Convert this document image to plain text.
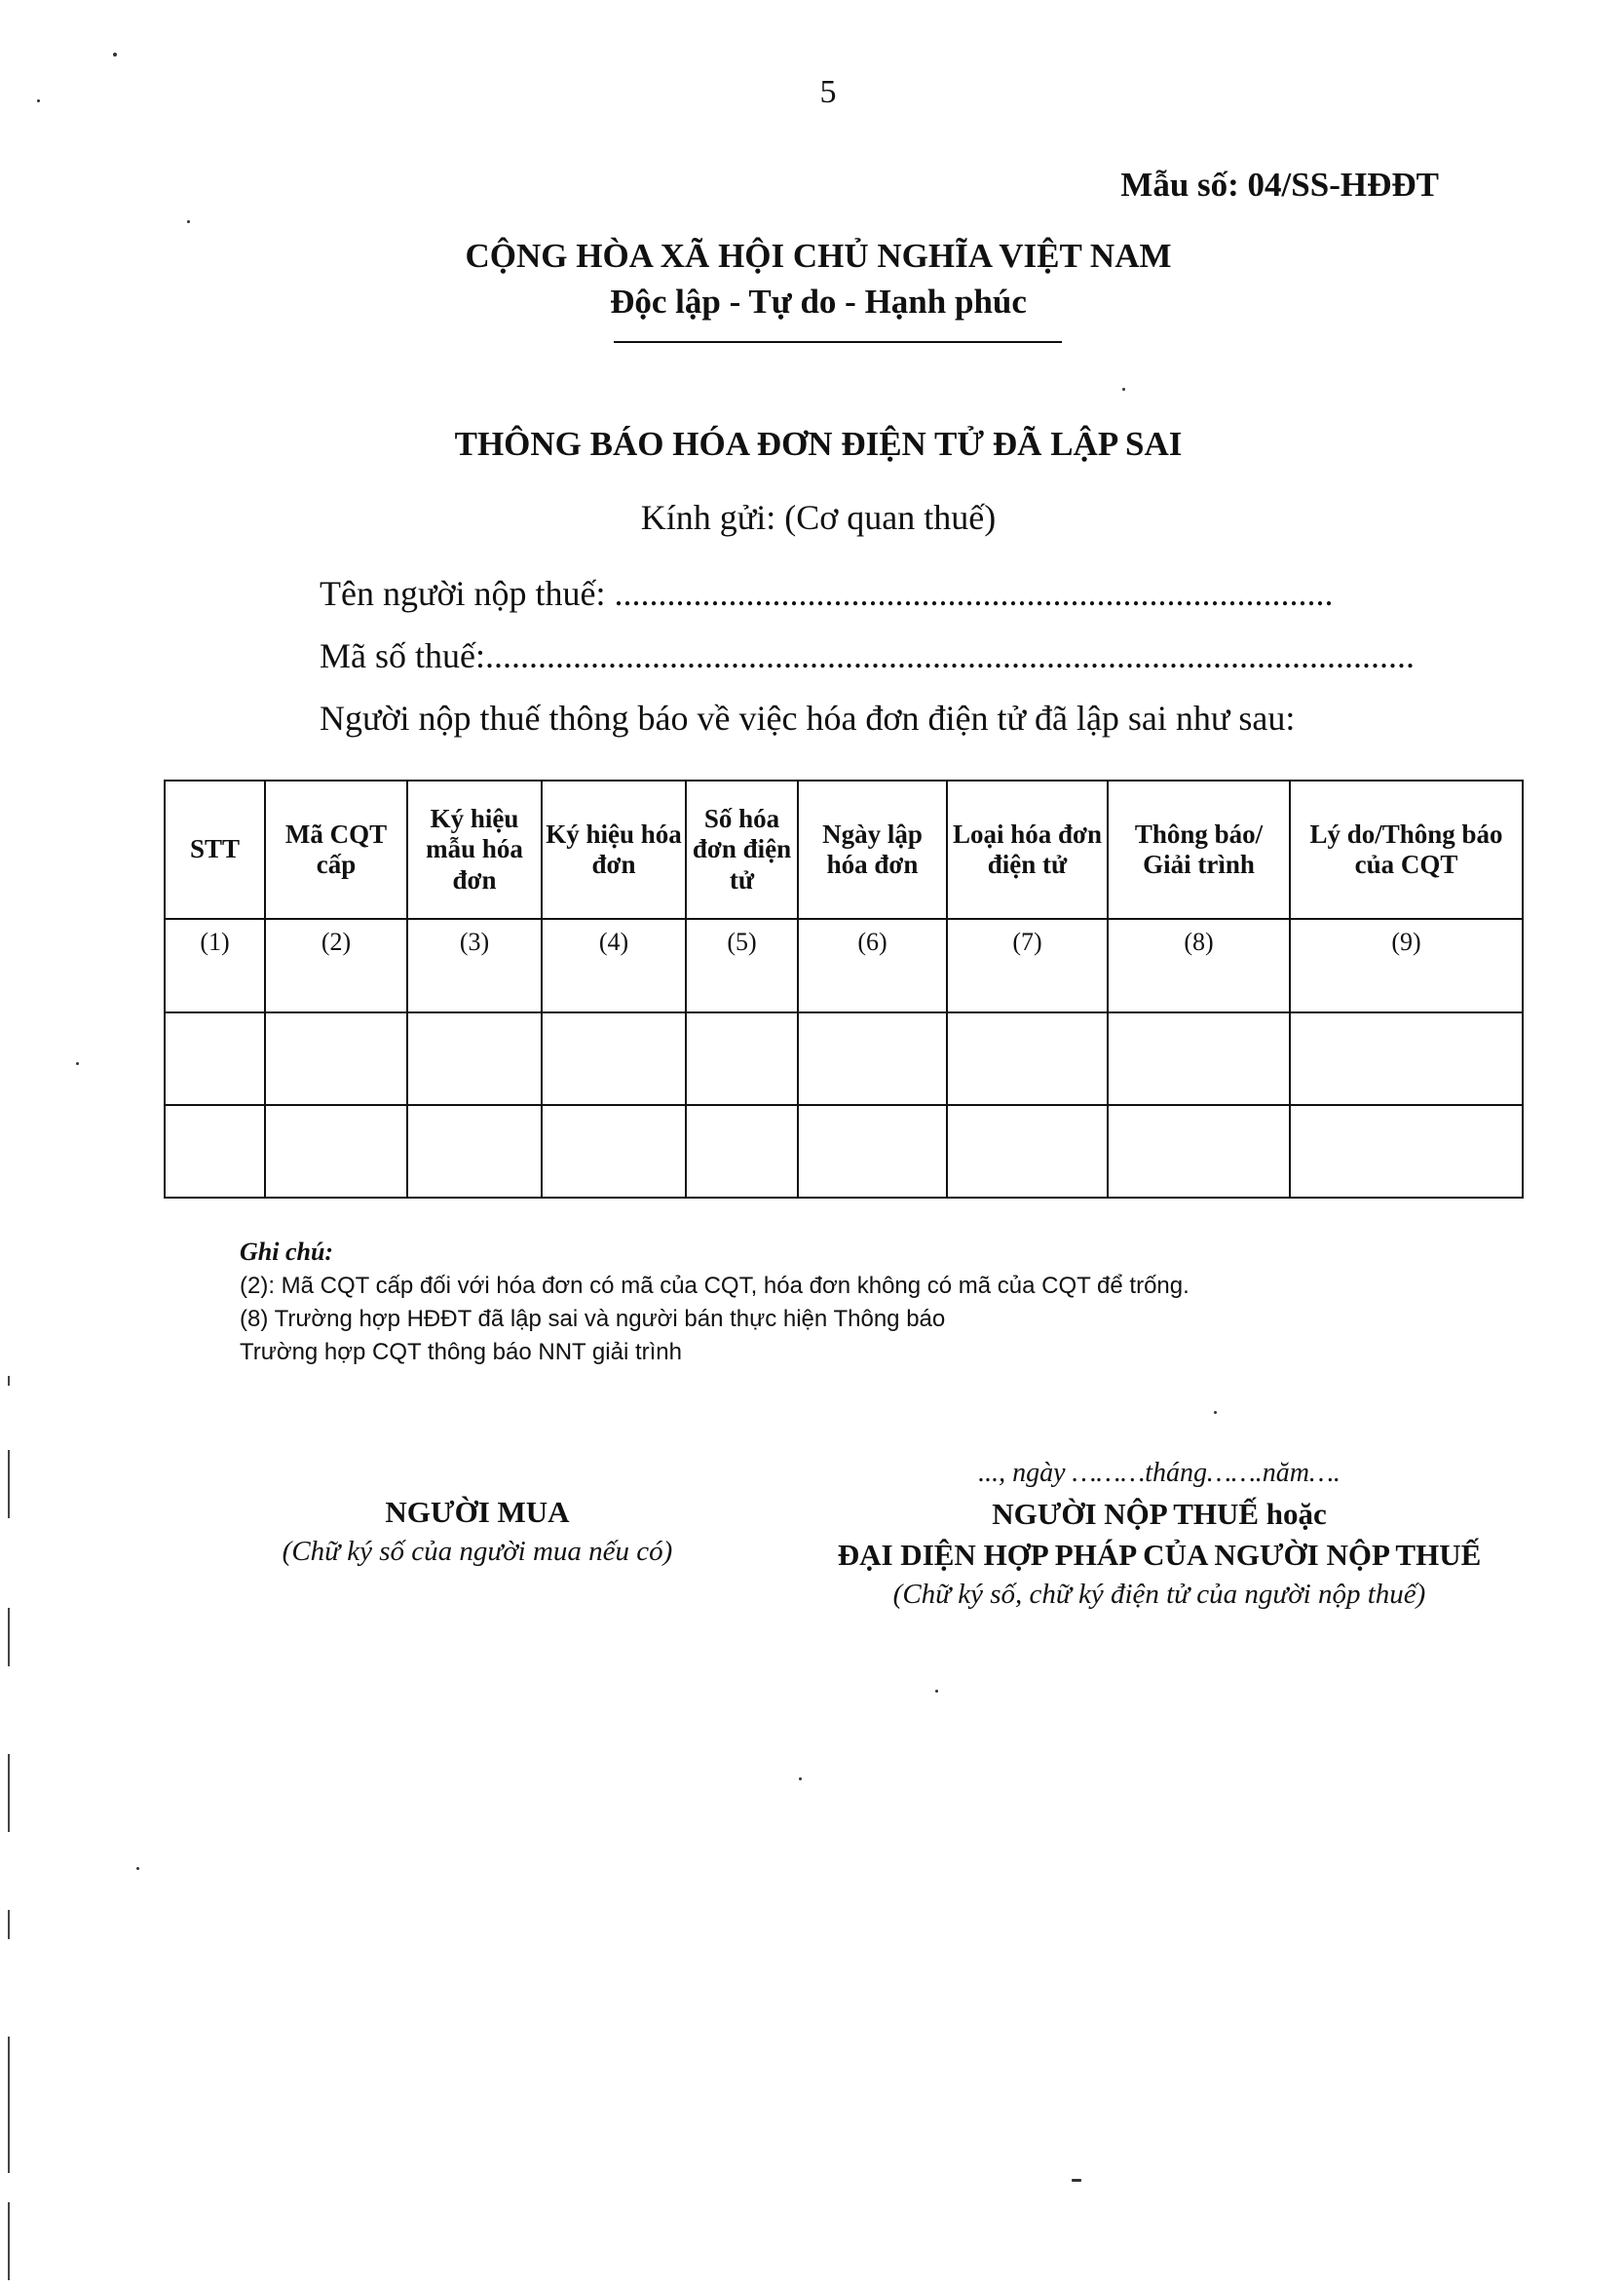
5
Mẫu số: 04/SS-HĐĐT
CỘNG HÒA XÃ HỘI CHỦ NGHĨA VIỆT NAM
Độc lập - Tự do - Hạnh phúc
THÔNG BÁO HÓA ĐƠN ĐIỆN TỬ ĐÃ LẬP SAI
Kính gửi: (Cơ quan thuế)
Tên người nộp thuế: ..................................................................................
Mã số thuế:..........................................................................................................
Người nộp thuế thông báo về việc hóa đơn điện tử đã lập sai như sau:
STT	Mã CQT cấp	Ký hiệu mẫu hóa đơn	Ký hiệu hóa đơn	Số hóa đơn điện tử	Ngày lập hóa đơn	Loại hóa đơn điện tử	Thông báo/ Giải trình	Lý do/Thông báo của CQT
(1)	(2)	(3)	(4)	(5)	(6)	(7)	(8)	(9)

Ghi chú:
(2): Mã CQT cấp đối với hóa đơn có mã của CQT, hóa đơn không có mã của CQT để trống.
(8) Trường hợp HĐĐT đã lập sai và người bán thực hiện Thông báo
Trường hợp CQT thông báo NNT giải trình
..., ngày ………tháng…….năm….
NGƯỜI MUA
(Chữ ký số của người mua nếu có)
NGƯỜI NỘP THUẾ hoặc
ĐẠI DIỆN HỢP PHÁP CỦA NGƯỜI NỘP THUẾ
(Chữ ký số, chữ ký điện tử của người nộp thuế)
